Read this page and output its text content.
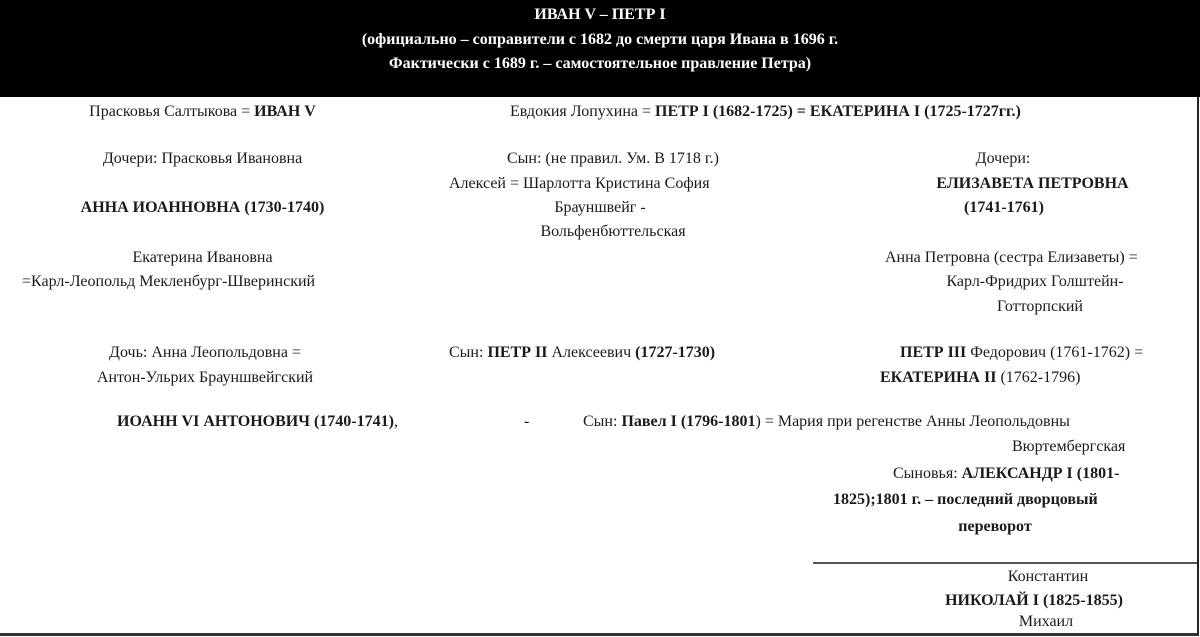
ИВАН V – ПЕТР I
(официально – соправители с 1682 до смерти царя Ивана в 1696 г.
Фактически с 1689 г. – самостоятельное правление Петра)
Прасковья Салтыкова = ИВАН V
Дочери: Прасковья Ивановна
АННА ИОАННОВНА (1730-1740)
Екатерина Ивановна
=Карл-Леопольд Мекленбург-Шверинский
Дочь: Анна Леопольдовна =
Антон-Ульрих Брауншвейгский
ИОАНН VI АНТОНОВИЧ (1740-1741),	-
Евдокия Лопухина = ПЕТР I (1682-1725) = ЕКАТЕРИНА I (1725-1727гг.)
Сын: (не правил. Ум. В 1718 г.)
Алексей = Шарлотта Кристина София
Брауншвейг -
Вольфенбюттельская
Сын: ПЕТР II Алексеевич (1727-1730)
Сын: Павел I (1796-1801) = Мария при регенстве Анны Леопольдовны
Дочери:
ЕЛИЗАВЕТА ПЕТРОВНА
(1741-1761)
Анна Петровна (сестра Елизаветы) =
Карл-Фридрих Голштейн-
Готторпский
ПЕТР III Федорович (1761-1762) =
ЕКАТЕРИНА II (1762-1796)
Вюртембергская
Сыновья: АЛЕКСАНДР I (1801-
1825);1801 г. – последний дворцовый
переворот
Константин
НИКОЛАЙ I (1825-1855)
Михаил
